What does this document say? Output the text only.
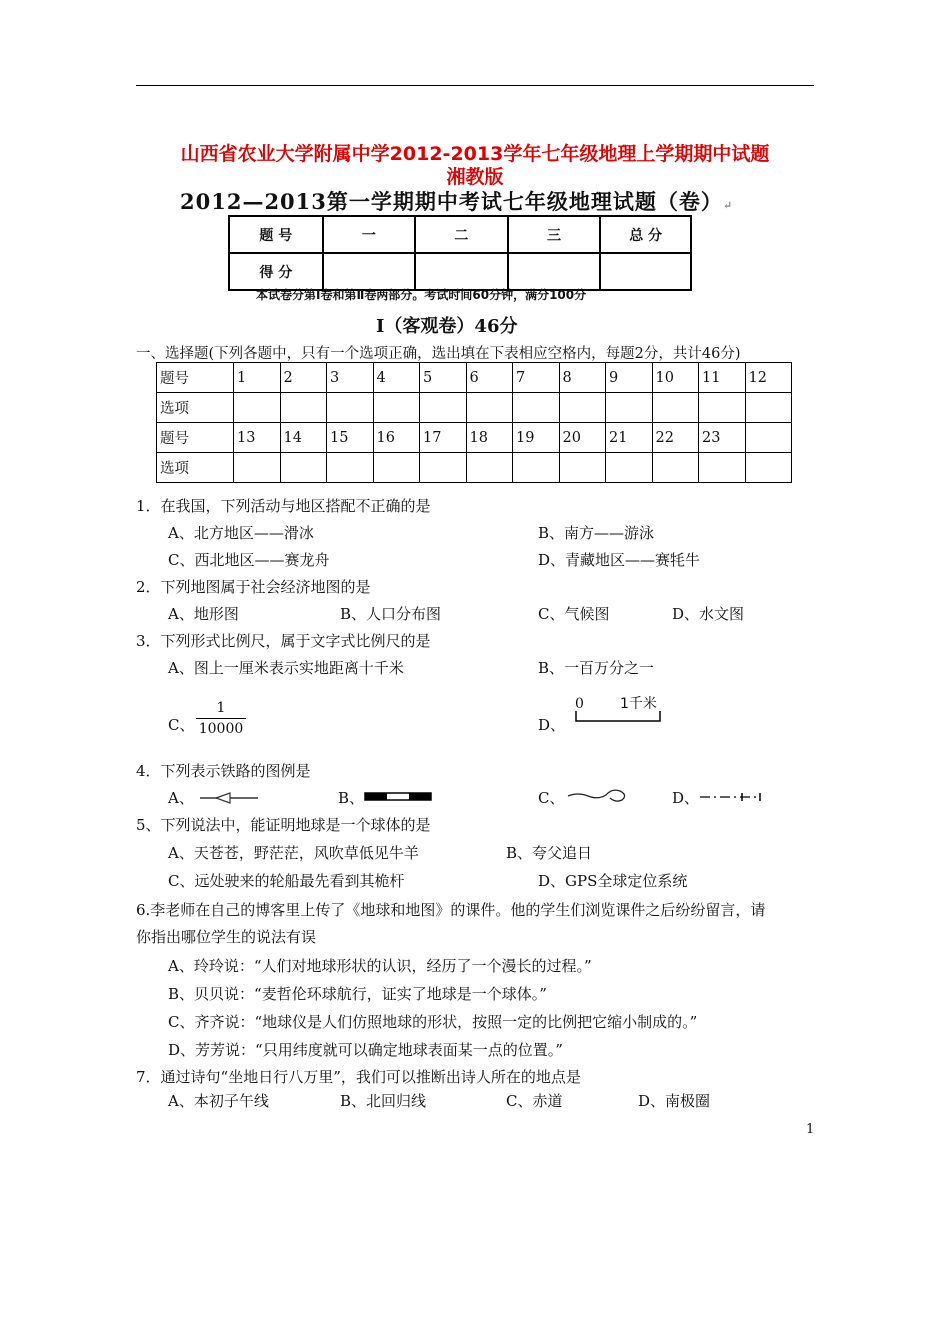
山西省农业大学附属中学2012-2013学年七年级地理上学期期中试题
湘教版
2012—2013第一学期期中考试七年级地理试题（卷）↵
题 号	一	二	三	总 分
得 分				
本试卷分第Ⅰ卷和第Ⅱ卷两部分。考试时间60分钟，满分100分
Ⅰ（客观卷）46分
一、选择题(下列各题中，只有一个选项正确，选出填在下表相应空格内，每题2分，共计46分)
题号	1	2	3	4	5	6	7	8	9	10	11	12
选项												
题号	13	14	15	16	17	18	19	20	21	22	23	
选项												
1．在我国，下列活动与地区搭配不正确的是
A、北方地区——滑冰	B、南方——游泳
C、西北地区——赛龙舟	D、青藏地区——赛牦牛
2．下列地图属于社会经济地图的是
A、地形图	B、人口分布图	C、气候图	D、水文图
3．下列形式比例尺，属于文字式比例尺的是
A、图上一厘米表示实地距离十千米	B、一百万分之一
C、
1
10000	D、
0	1千米
4．下列表示铁路的图例是
A、	B、	C、	D、
5、下列说法中，能证明地球是一个球体的是
A、天苍苍，野茫茫，风吹草低见牛羊	B、夸父追日
C、远处驶来的轮船最先看到其桅杆	D、GPS全球定位系统
6.李老师在自己的博客里上传了《地球和地图》的课件。他的学生们浏览课件之后纷纷留言，请
你指出哪位学生的说法有误
A、玲玲说：“人们对地球形状的认识，经历了一个漫长的过程。”
B、贝贝说：“麦哲伦环球航行，证实了地球是一个球体。”
C、齐齐说：“地球仪是人们仿照地球的形状，按照一定的比例把它缩小制成的。”
D、芳芳说：“只用纬度就可以确定地球表面某一点的位置。”
7．通过诗句“坐地日行八万里”，我们可以推断出诗人所在的地点是
A、本初子午线	B、北回归线	C、赤道	D、南极圈
1
